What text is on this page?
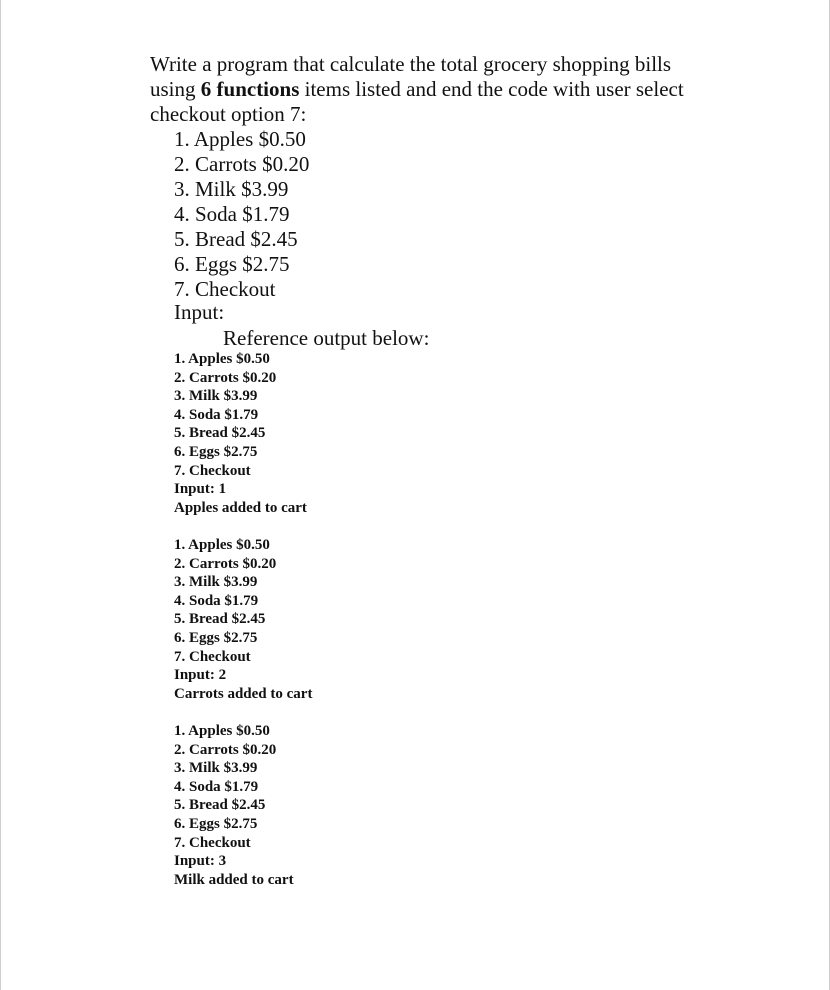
Write a program that calculate the total grocery shopping bills
using 6 functions items listed and end the code with user select
checkout option 7:
1. Apples $0.50
2. Carrots $0.20
3. Milk $3.99
4. Soda $1.79
5. Bread $2.45
6. Eggs $2.75
7. Checkout
Input:
Reference output below:
1. Apples $0.50
2. Carrots $0.20
3. Milk $3.99
4. Soda $1.79
5. Bread $2.45
6. Eggs $2.75
7. Checkout
Input: 1
Apples added to cart
1. Apples $0.50
2. Carrots $0.20
3. Milk $3.99
4. Soda $1.79
5. Bread $2.45
6. Eggs $2.75
7. Checkout
Input: 2
Carrots added to cart
1. Apples $0.50
2. Carrots $0.20
3. Milk $3.99
4. Soda $1.79
5. Bread $2.45
6. Eggs $2.75
7. Checkout
Input: 3
Milk added to cart
